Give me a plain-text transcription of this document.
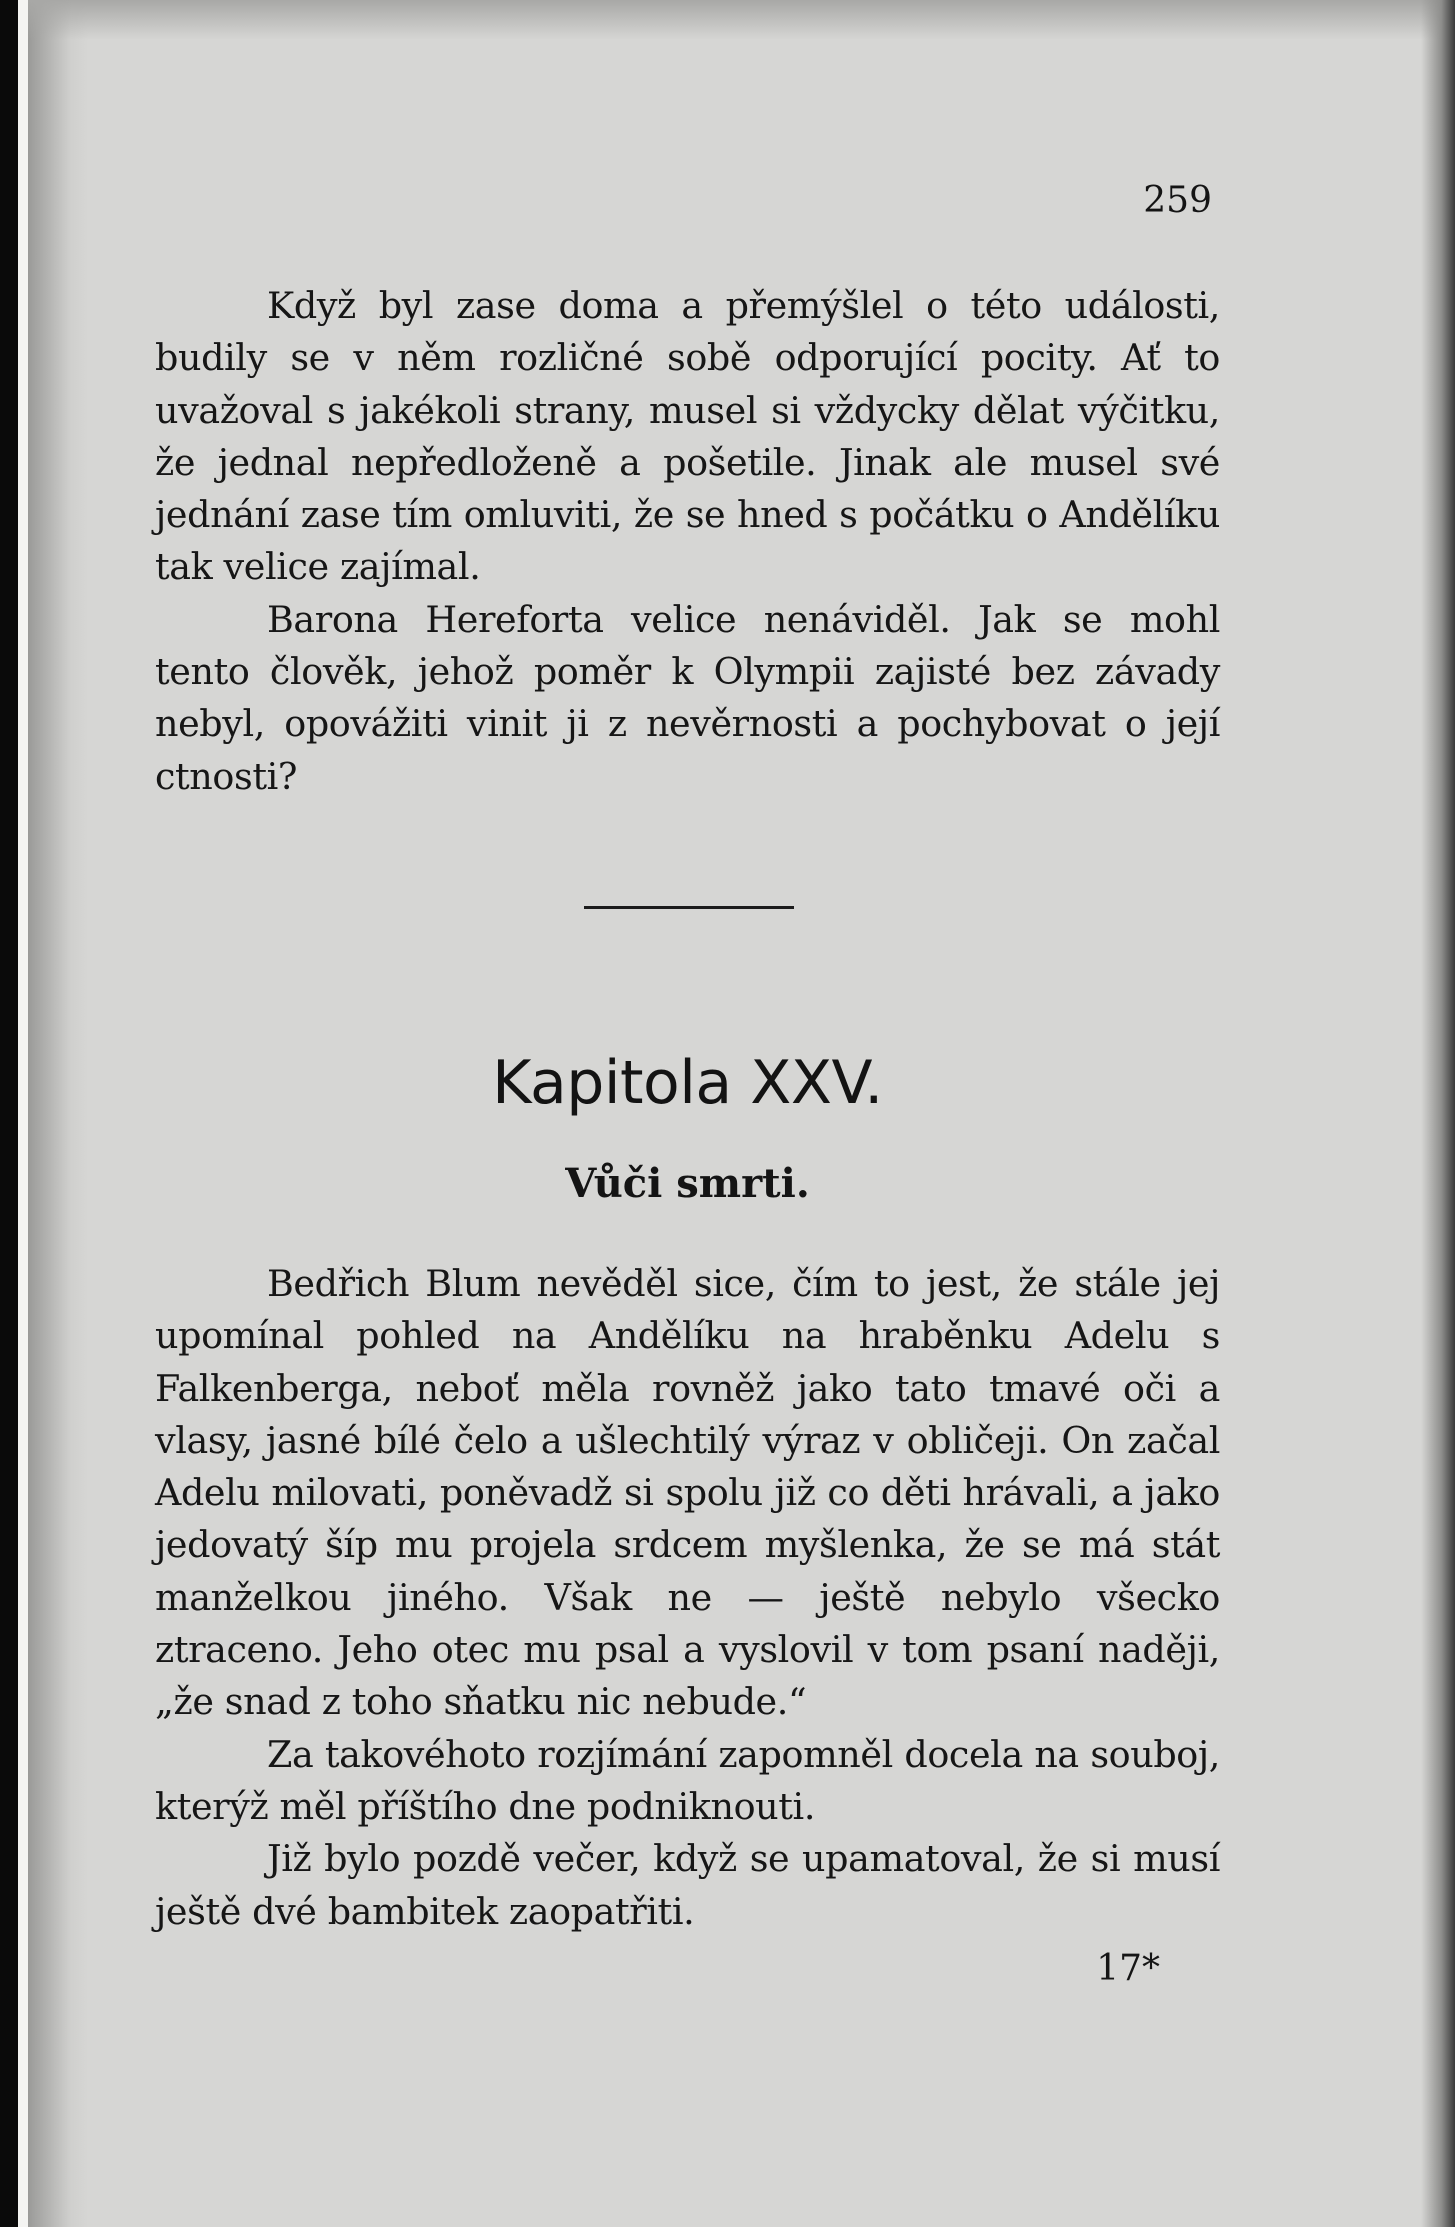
259

Když byl zase doma a přemýšlel o této události, budily se v něm rozličné sobě odporující pocity. Ať to uvažoval s jakékoli strany, musel si vždycky dělat výčitku, že jednal nepředloženě a pošetile. Jinak ale musel své jednání zase tím omluviti, že se hned s počátku o Andělíku tak velice zajímal.

Barona Hereforta velice nenáviděl. Jak se mohl tento člověk, jehož poměr k Olympii zajisté bez závady nebyl, opovážiti vinit ji z nevěrnosti a pochybovat o její ctnosti?

Kapitola XXV.
Vůči smrti.

Bedřich Blum nevěděl sice, čím to jest, že stále jej upomínal pohled na Andělíku na hraběnku Adelu s Falkenberga, neboť měla rovněž jako tato tmavé oči a vlasy, jasné bílé čelo a ušlechtilý výraz v obličeji. On začal Adelu milovati, poněvadž si spolu již co děti hrávali, a jako jedovatý šíp mu projela srdcem myšlenka, že se má stát manželkou jiného. Však ne — ještě nebylo všecko ztraceno. Jeho otec mu psal a vyslovil v tom psaní naději, „že snad z toho sňatku nic nebude.“

Za takovéhoto rozjímání zapomněl docela na souboj, kterýž měl příštího dne podniknouti.

Již bylo pozdě večer, když se upamatoval, že si musí ještě dvé bambitek zaopatřiti.

17*
